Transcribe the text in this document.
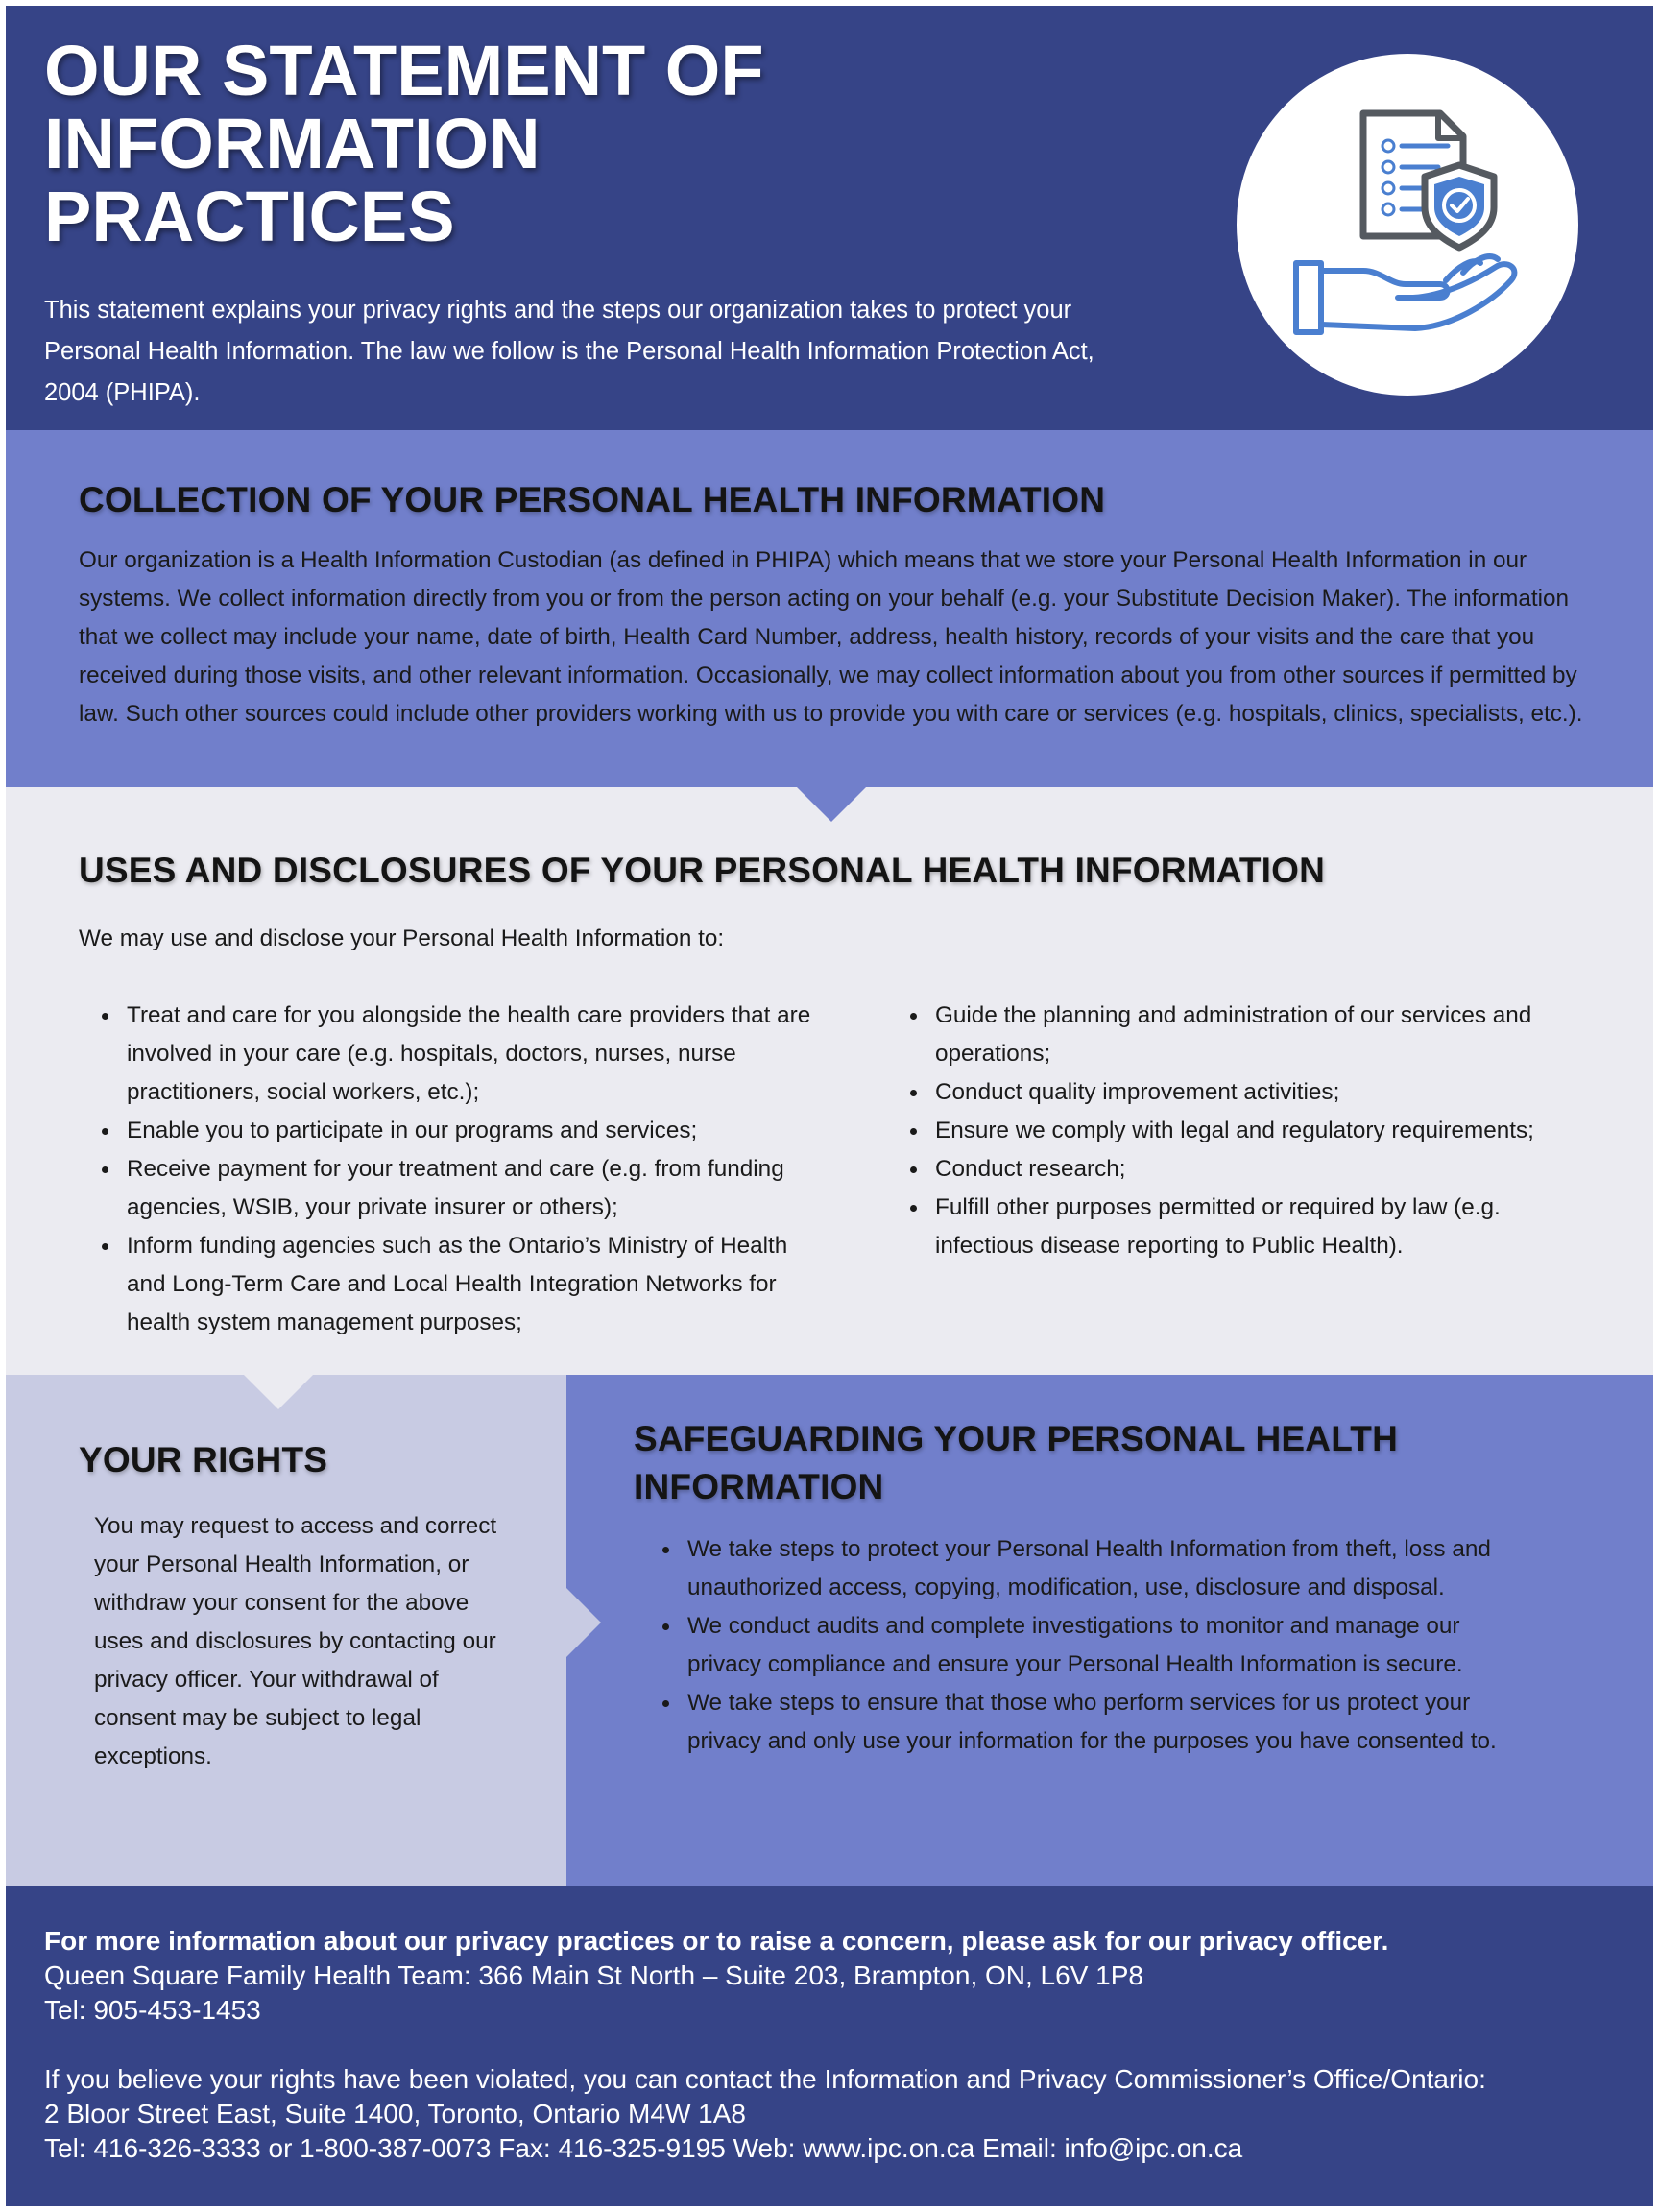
OUR STATEMENT OF
INFORMATION
PRACTICES

This statement explains your privacy rights and the steps our organization takes to protect your Personal Health Information. The law we follow is the Personal Health Information Protection Act, 2004 (PHIPA).

COLLECTION OF YOUR PERSONAL HEALTH INFORMATION

Our organization is a Health Information Custodian (as defined in PHIPA) which means that we store your Personal Health Information in our systems. We collect information directly from you or from the person acting on your behalf (e.g. your Substitute Decision Maker). The information that we collect may include your name, date of birth, Health Card Number, address, health history, records of your visits and the care that you received during those visits, and other relevant information. Occasionally, we may collect information about you from other sources if permitted by law. Such other sources could include other providers working with us to provide you with care or services (e.g. hospitals, clinics, specialists, etc.).

USES AND DISCLOSURES OF YOUR PERSONAL HEALTH INFORMATION

We may use and disclose your Personal Health Information to:

Treat and care for you alongside the health care providers that are involved in your care (e.g. hospitals, doctors, nurses, nurse practitioners, social workers, etc.);
Enable you to participate in our programs and services;
Receive payment for your treatment and care (e.g. from funding agencies, WSIB, your private insurer or others);
Inform funding agencies such as the Ontario’s Ministry of Health and Long-Term Care and Local Health Integration Networks for health system management purposes;
Guide the planning and administration of our services and operations;
Conduct quality improvement activities;
Ensure we comply with legal and regulatory requirements;
Conduct research;
Fulfill other purposes permitted or required by law (e.g. infectious disease reporting to Public Health).
YOUR RIGHTS

You may request to access and correct your Personal Health Information, or withdraw your consent for the above uses and disclosures by contacting our privacy officer. Your withdrawal of consent may be subject to legal exceptions.

SAFEGUARDING YOUR PERSONAL HEALTH INFORMATION
We take steps to protect your Personal Health Information from theft, loss and unauthorized access, copying, modification, use, disclosure and disposal.
We conduct audits and complete investigations to monitor and manage our privacy compliance and ensure your Personal Health Information is secure.
We take steps to ensure that those who perform services for us protect your privacy and only use your information for the purposes you have consented to.
For more information about our privacy practices or to raise a concern, please ask for our privacy officer.
Queen Square Family Health Team: 366 Main St North – Suite 203, Brampton, ON, L6V 1P8
Tel: 905-453-1453
If you believe your rights have been violated, you can contact the Information and Privacy Commissioner’s Office/Ontario:
2 Bloor Street East, Suite 1400, Toronto, Ontario M4W 1A8
Tel: 416-326-3333 or 1-800-387-0073 Fax: 416-325-9195 Web: www.ipc.on.ca Email: info@ipc.on.ca
